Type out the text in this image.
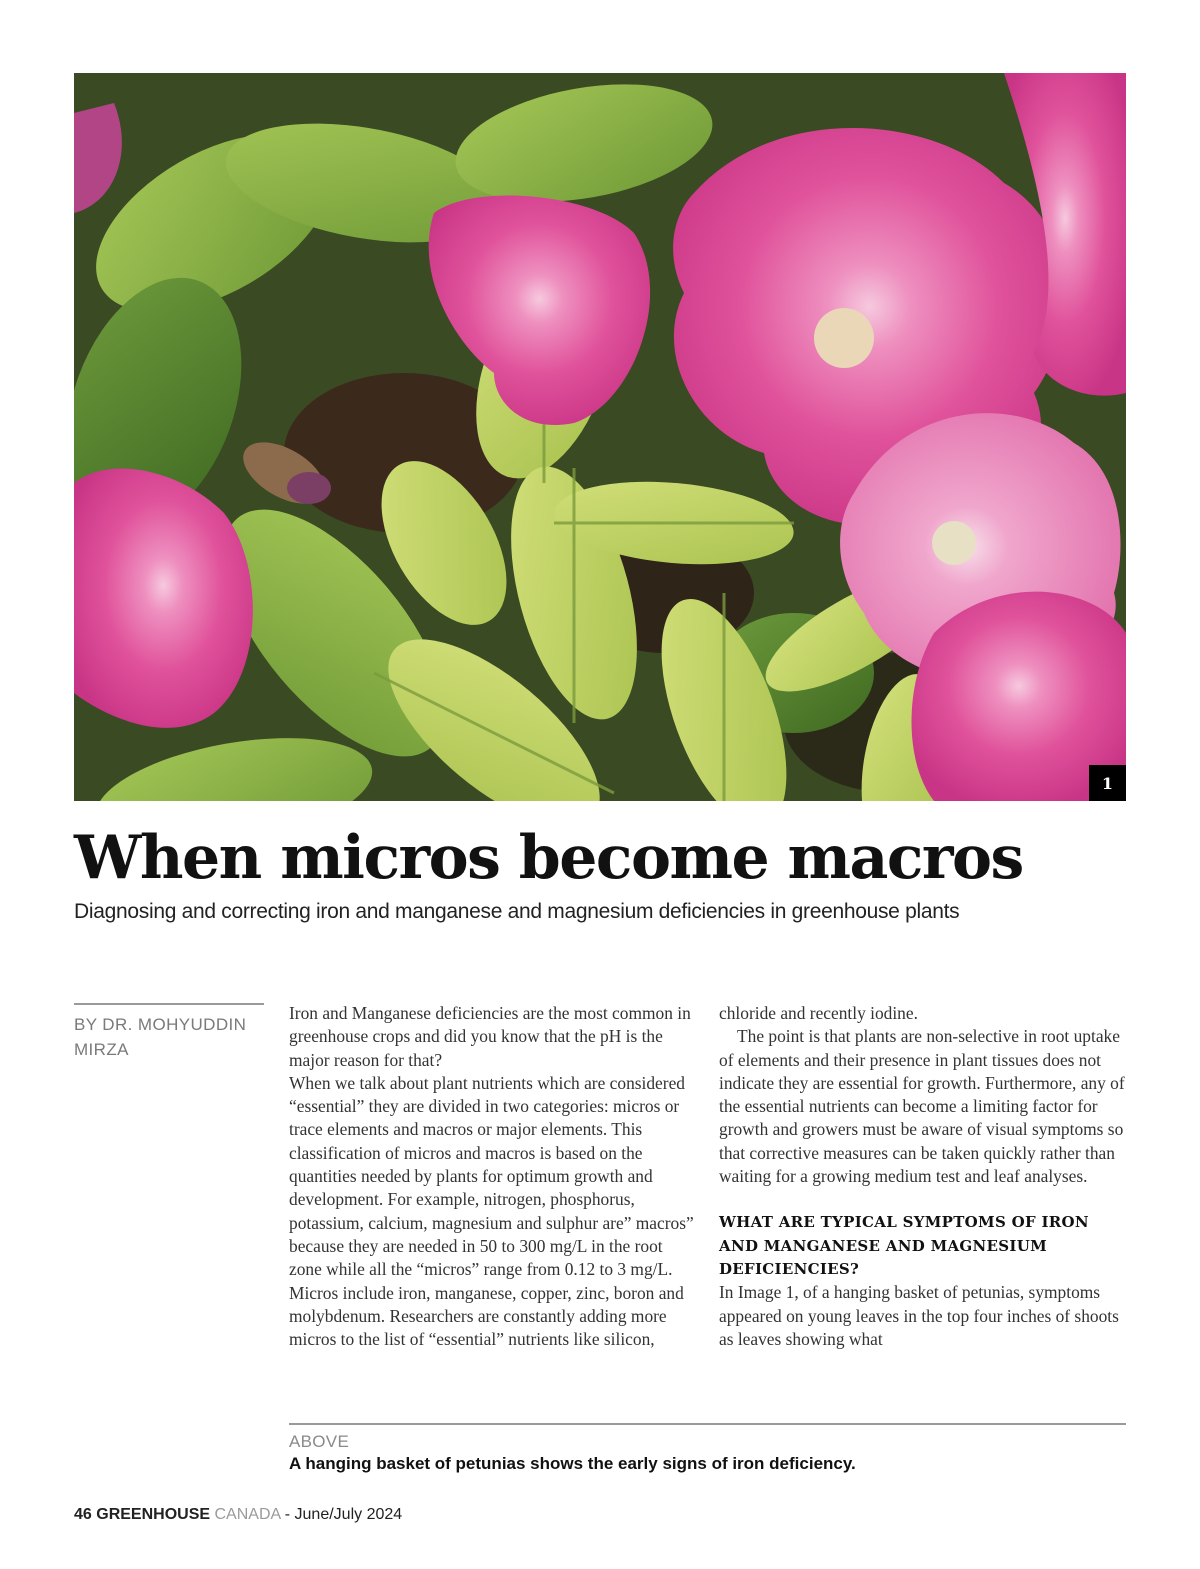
1
When micros become macros

Diagnosing and correcting iron and manganese and magnesium deficiencies in greenhouse plants

BY DR. MOHYUDDIN MIRZA

Iron and Manganese deficiencies are the most common in greenhouse crops and did you know that the pH is the major reason for that?

When we talk about plant nutrients which are considered “essential” they are divided in two categories: micros or trace elements and macros or major elements. This classification of micros and macros is based on the quantities needed by plants for optimum growth and development. For example, nitrogen, phosphorus, potassium, calcium, magnesium and sulphur are” macros” because they are needed in 50 to 300 mg/L in the root zone while all the “micros” range from 0.12 to 3 mg/L. Micros include iron, manganese, copper, zinc, boron and molybdenum. Researchers are constantly adding more micros to the list of “essential” nutrients like silicon,

chloride and recently iodine.

The point is that plants are non-selective in root uptake of elements and their presence in plant tissues does not indicate they are essential for growth. Furthermore, any of the essential nutrients can become a limiting factor for growth and growers must be aware of visual symptoms so that corrective measures can be taken quickly rather than waiting for a growing medium test and leaf analyses.

WHAT ARE TYPICAL SYMPTOMS OF IRON AND MANGANESE AND MAGNESIUM DEFICIENCIES?

In Image 1, of a hanging basket of petunias, symptoms appeared on young leaves in the top four inches of shoots as leaves showing what

ABOVE
A hanging basket of petunias shows the early signs of iron deficiency.
46 GREENHOUSE CANADA - June/July 2024
